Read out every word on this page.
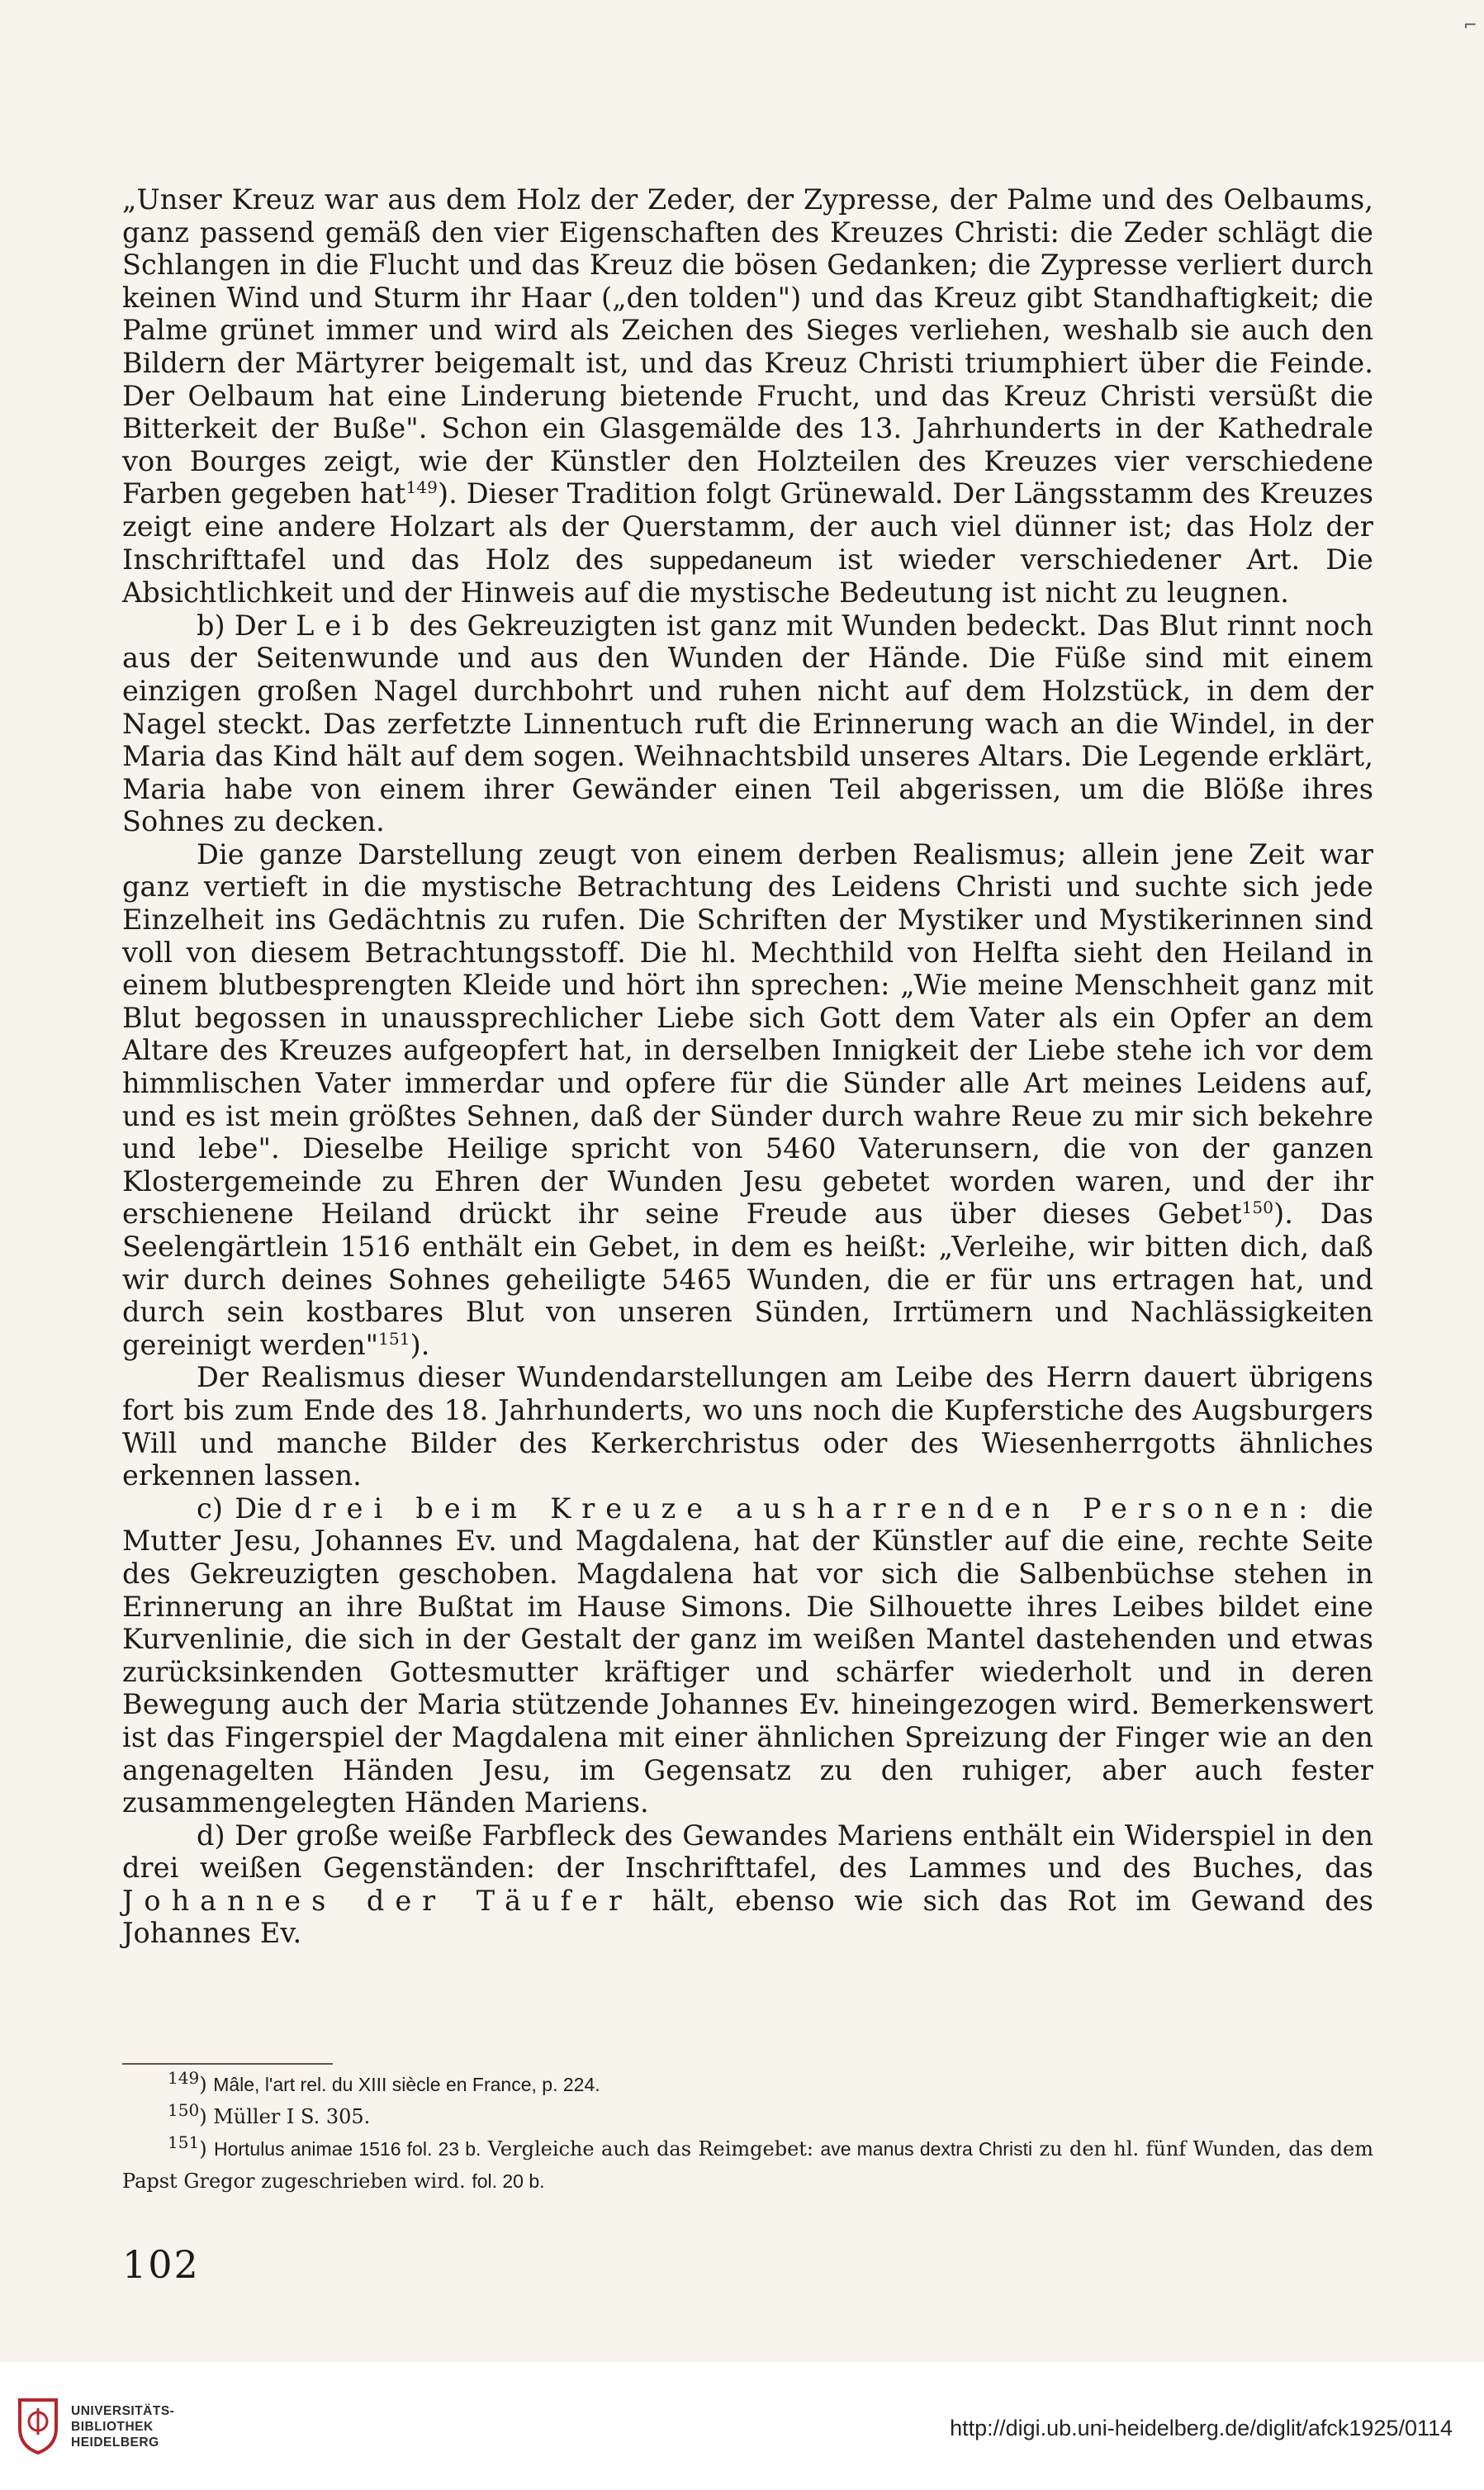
⌐

„Unser Kreuz war aus dem Holz der Zeder, der Zypresse, der Palme und des Oelbaums, ganz passend gemäß den vier Eigenschaften des Kreuzes Christi: die Zeder schlägt die Schlangen in die Flucht und das Kreuz die bösen Gedanken; die Zypresse verliert durch keinen Wind und Sturm ihr Haar („den tolden") und das Kreuz gibt Standhaftigkeit; die Palme grünet immer und wird als Zeichen des Sieges verliehen, weshalb sie auch den Bildern der Märtyrer beigemalt ist, und das Kreuz Christi triumphiert über die Feinde. Der Oelbaum hat eine Linderung bietende Frucht, und das Kreuz Christi versüßt die Bitterkeit der Buße". Schon ein Glasgemälde des 13. Jahrhunderts in der Kathedrale von Bourges zeigt, wie der Künstler den Holzteilen des Kreuzes vier verschiedene Farben gegeben hat$^{149}$). Dieser Tradition folgt Grünewald. Der Längsstamm des Kreuzes zeigt eine andere Holzart als der Querstamm, der auch viel dünner ist; das Holz der Inschrifttafel und das Holz des suppedaneum ist wieder verschiedener Art. Die Absichtlichkeit und der Hinweis auf die mystische Bedeutung ist nicht zu leugnen.

b) Der Leib des Gekreuzigten ist ganz mit Wunden bedeckt. Das Blut rinnt noch aus der Seitenwunde und aus den Wunden der Hände. Die Füße sind mit einem einzigen großen Nagel durchbohrt und ruhen nicht auf dem Holzstück, in dem der Nagel steckt. Das zerfetzte Linnentuch ruft die Erinnerung wach an die Windel, in der Maria das Kind hält auf dem sogen. Weihnachtsbild unseres Altars. Die Legende erklärt, Maria habe von einem ihrer Gewänder einen Teil abgerissen, um die Blöße ihres Sohnes zu decken.

Die ganze Darstellung zeugt von einem derben Realismus; allein jene Zeit war ganz vertieft in die mystische Betrachtung des Leidens Christi und suchte sich jede Einzelheit ins Gedächtnis zu rufen. Die Schriften der Mystiker und Mystikerinnen sind voll von diesem Betrachtungsstoff. Die hl. Mechthild von Helfta sieht den Heiland in einem blutbesprengten Kleide und hört ihn sprechen: „Wie meine Menschheit ganz mit Blut begossen in unaussprechlicher Liebe sich Gott dem Vater als ein Opfer an dem Altare des Kreuzes aufgeopfert hat, in derselben Innigkeit der Liebe stehe ich vor dem himmlischen Vater immerdar und opfere für die Sünder alle Art meines Leidens auf, und es ist mein größtes Sehnen, daß der Sünder durch wahre Reue zu mir sich bekehre und lebe". Dieselbe Heilige spricht von 5460 Vaterunsern, die von der ganzen Klostergemeinde zu Ehren der Wunden Jesu gebetet worden waren, und der ihr erschienene Heiland drückt ihr seine Freude aus über dieses Gebet$^{150}$). Das Seelengärtlein 1516 enthält ein Gebet, in dem es heißt: „Verleihe, wir bitten dich, daß wir durch deines Sohnes geheiligte 5465 Wunden, die er für uns ertragen hat, und durch sein kostbares Blut von unseren Sünden, Irrtümern und Nachlässigkeiten gereinigt werden"$^{151}$).

Der Realismus dieser Wundendarstellungen am Leibe des Herrn dauert übrigens fort bis zum Ende des 18. Jahrhunderts, wo uns noch die Kupferstiche des Augsburgers Will und manche Bilder des Kerkerchristus oder des Wiesenherrgotts ähnliches erkennen lassen.

c) Die drei beim Kreuze ausharrenden Personen: die Mutter Jesu, Johannes Ev. und Magdalena, hat der Künstler auf die eine, rechte Seite des Gekreuzigten geschoben. Magdalena hat vor sich die Salbenbüchse stehen in Erinnerung an ihre Bußtat im Hause Simons. Die Silhouette ihres Leibes bildet eine Kurvenlinie, die sich in der Gestalt der ganz im weißen Mantel dastehenden und etwas zurücksinkenden Gottesmutter kräftiger und schärfer wiederholt und in deren Bewegung auch der Maria stützende Johannes Ev. hineingezogen wird. Bemerkenswert ist das Fingerspiel der Magdalena mit einer ähnlichen Spreizung der Finger wie an den angenagelten Händen Jesu, im Gegensatz zu den ruhiger, aber auch fester zusammengelegten Händen Mariens.

d) Der große weiße Farbfleck des Gewandes Mariens enthält ein Widerspiel in den drei weißen Gegenständen: der Inschrifttafel, des Lammes und des Buches, das Johannes der Täufer hält, ebenso wie sich das Rot im Gewand des Johannes Ev.

$^{149}$) Mâle, l'art rel. du XIII siècle en France, p. 224.

$^{150}$) Müller I S. 305.

$^{151}$) Hortulus animae 1516 fol. 23 b. Vergleiche auch das Reimgebet: ave manus dextra Christi zu den hl. fünf Wunden, das dem Papst Gregor zugeschrieben wird. fol. 20 b.

102
UNIVERSITÄTS-
BIBLIOTHEK
HEIDELBERG
http://digi.ub.uni-heidelberg.de/diglit/afck1925/0114
